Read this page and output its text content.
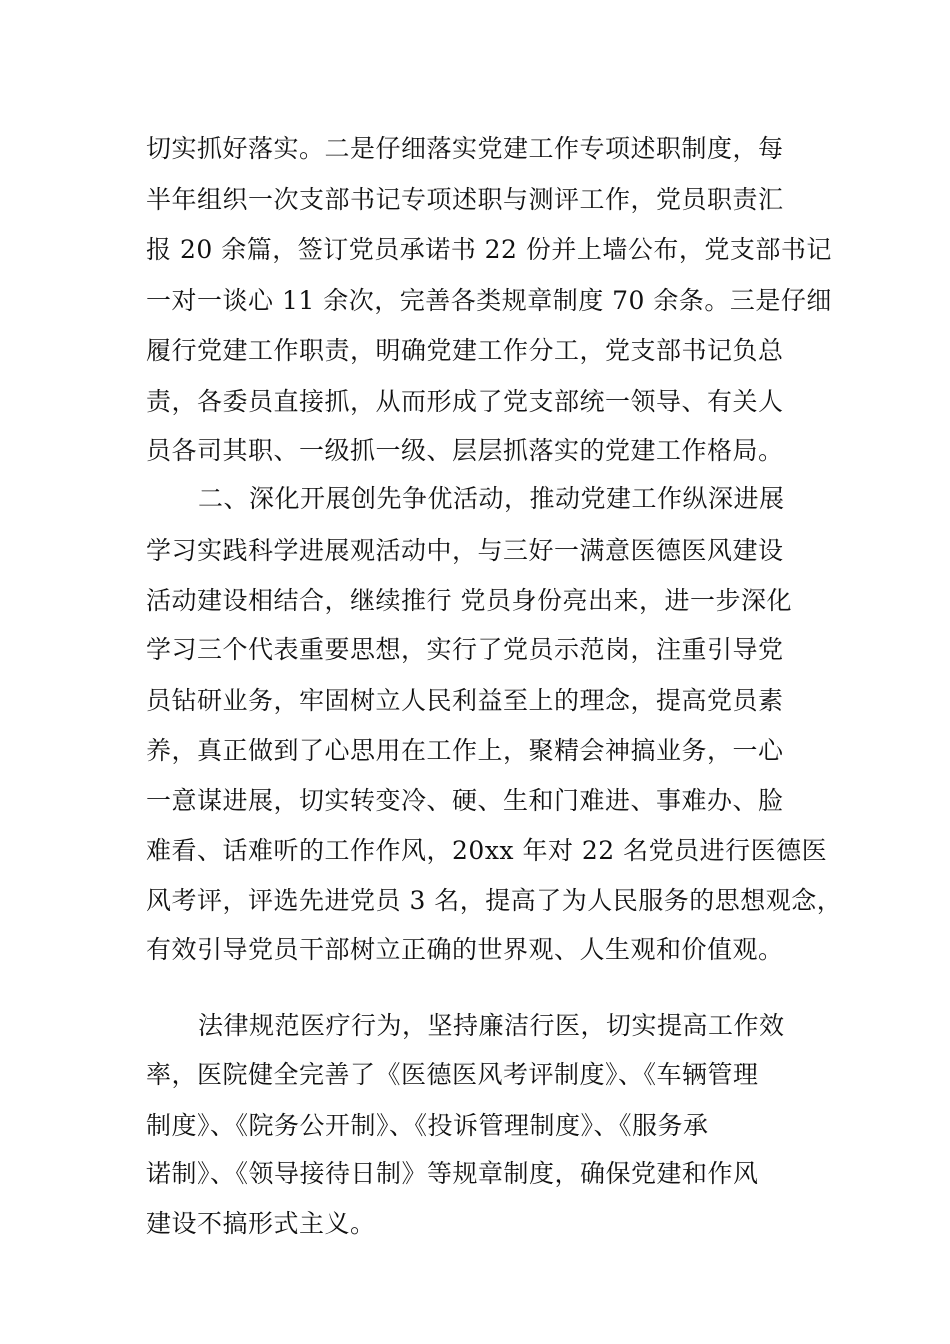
切实抓好落实。二是仔细落实党建工作专项述职制度，每
半年组织一次支部书记专项述职与测评工作，党员职责汇
报 20 余篇，签订党员承诺书 22 份并上墙公布，党支部书记
一对一谈心 11 余次，完善各类规章制度 70 余条。三是仔细
履行党建工作职责，明确党建工作分工，党支部书记负总
责，各委员直接抓，从而形成了党支部统一领导、有关人
员各司其职、一级抓一级、层层抓落实的党建工作格局。
二、深化开展创先争优活动，推动党建工作纵深进展
学习实践科学进展观活动中，与三好一满意医德医风建设
活动建设相结合，继续推行 党员身份亮出来，进一步深化
学习三个代表重要思想，实行了党员示范岗，注重引导党
员钻研业务，牢固树立人民利益至上的理念，提高党员素
养，真正做到了心思用在工作上，聚精会神搞业务，一心
一意谋进展，切实转变冷、硬、生和门难进、事难办、脸
难看、话难听的工作作风，20xx 年对 22 名党员进行医德医
风考评，评选先进党员 3 名，提高了为人民服务的思想观念，
有效引导党员干部树立正确的世界观、人生观和价值观。
法律规范医疗行为，坚持廉洁行医，切实提高工作效
率，医院健全完善了《医德医风考评制度》、《车辆管理
制度》、《院务公开制》、《投诉管理制度》、《服务承
诺制》、《领导接待日制》等规章制度，确保党建和作风
建设不搞形式主义。
